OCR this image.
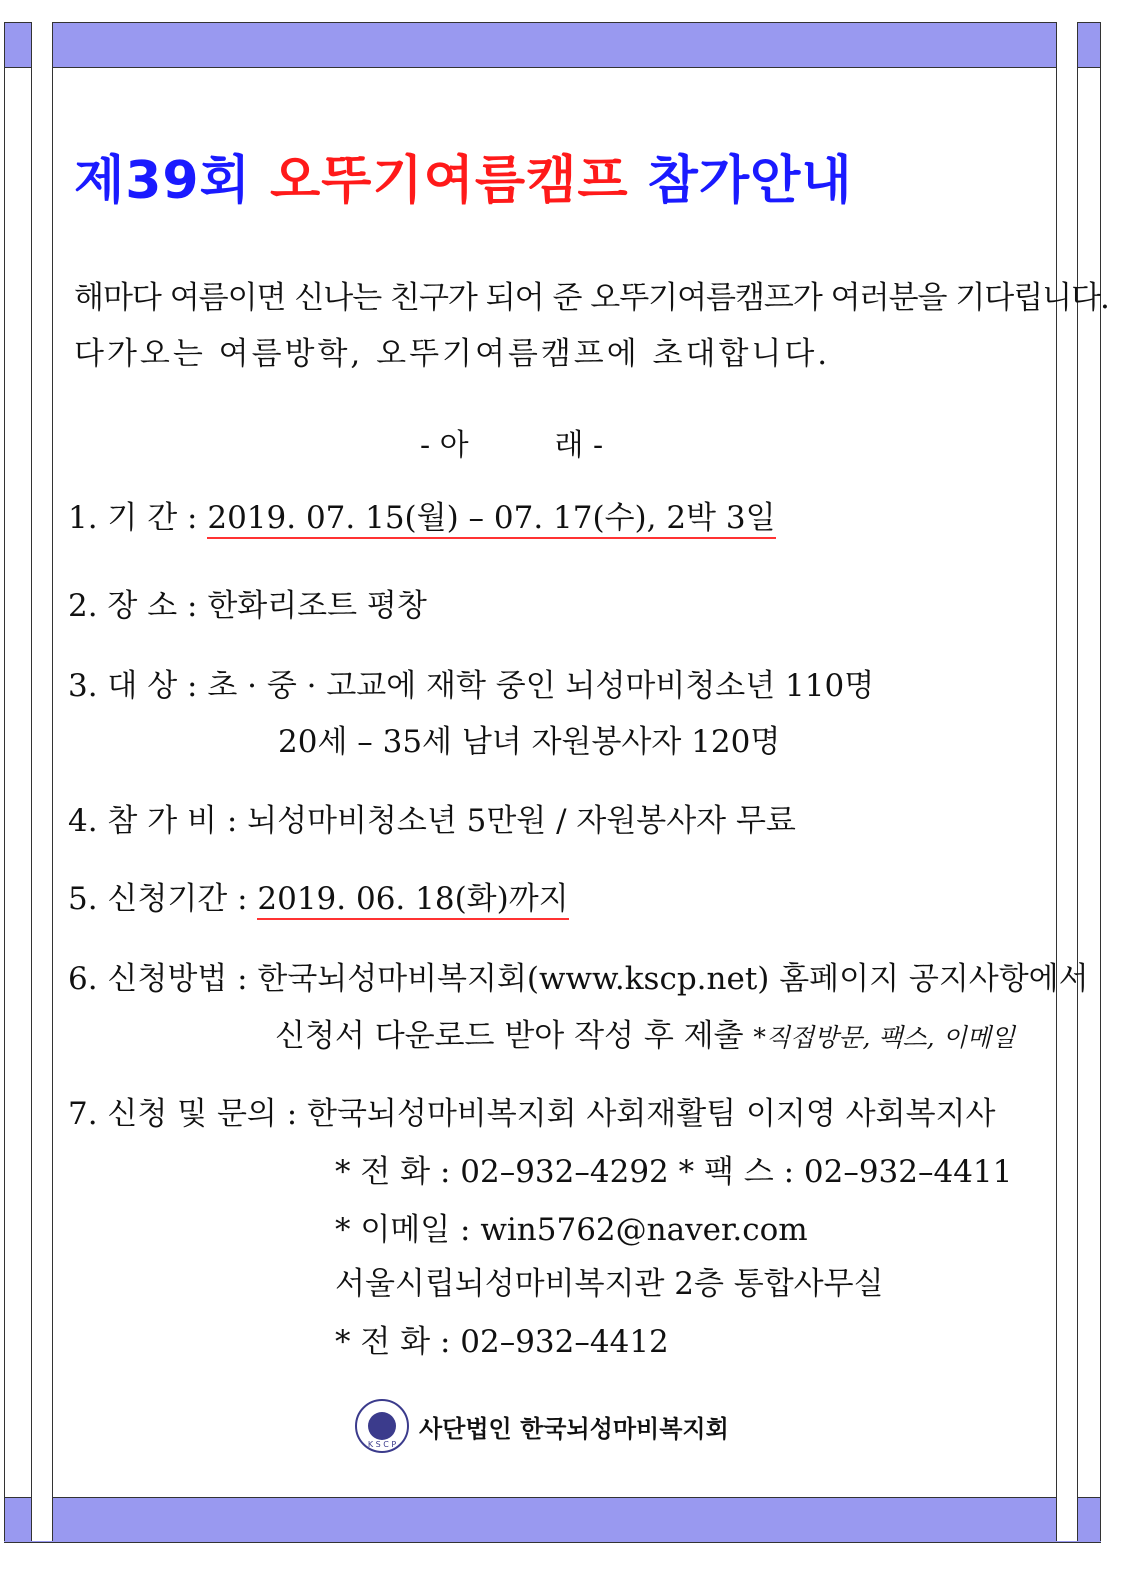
제39회 오뚜기여름캠프 참가안내
해마다 여름이면 신나는 친구가 되어 준 오뚜기여름캠프가 여러분을 기다립니다.
다가오는 여름방학, 오뚜기여름캠프에 초대합니다.
- 아         래 -
1. 기 간 : 2019. 07. 15(월) – 07. 17(수), 2박 3일
2. 장 소 : 한화리조트 평창
3. 대 상 : 초 · 중 · 고교에 재학 중인 뇌성마비청소년 110명
20세 – 35세 남녀 자원봉사자 120명
4. 참 가 비 : 뇌성마비청소년 5만원 / 자원봉사자 무료
5. 신청기간 : 2019. 06. 18(화)까지
6. 신청방법 : 한국뇌성마비복지회(www.kscp.net) 홈페이지 공지사항에서
신청서 다운로드 받아 작성 후 제출 *직접방문, 팩스, 이메일
7. 신청 및 문의 : 한국뇌성마비복지회 사회재활팀 이지영 사회복지사
* 전 화 : 02–932–4292 * 팩 스 : 02–932–4411
* 이메일 : win5762@naver.com
서울시립뇌성마비복지관 2층 통합사무실
* 전 화 : 02–932–4412
K S C P
사단법인 한국뇌성마비복지회
